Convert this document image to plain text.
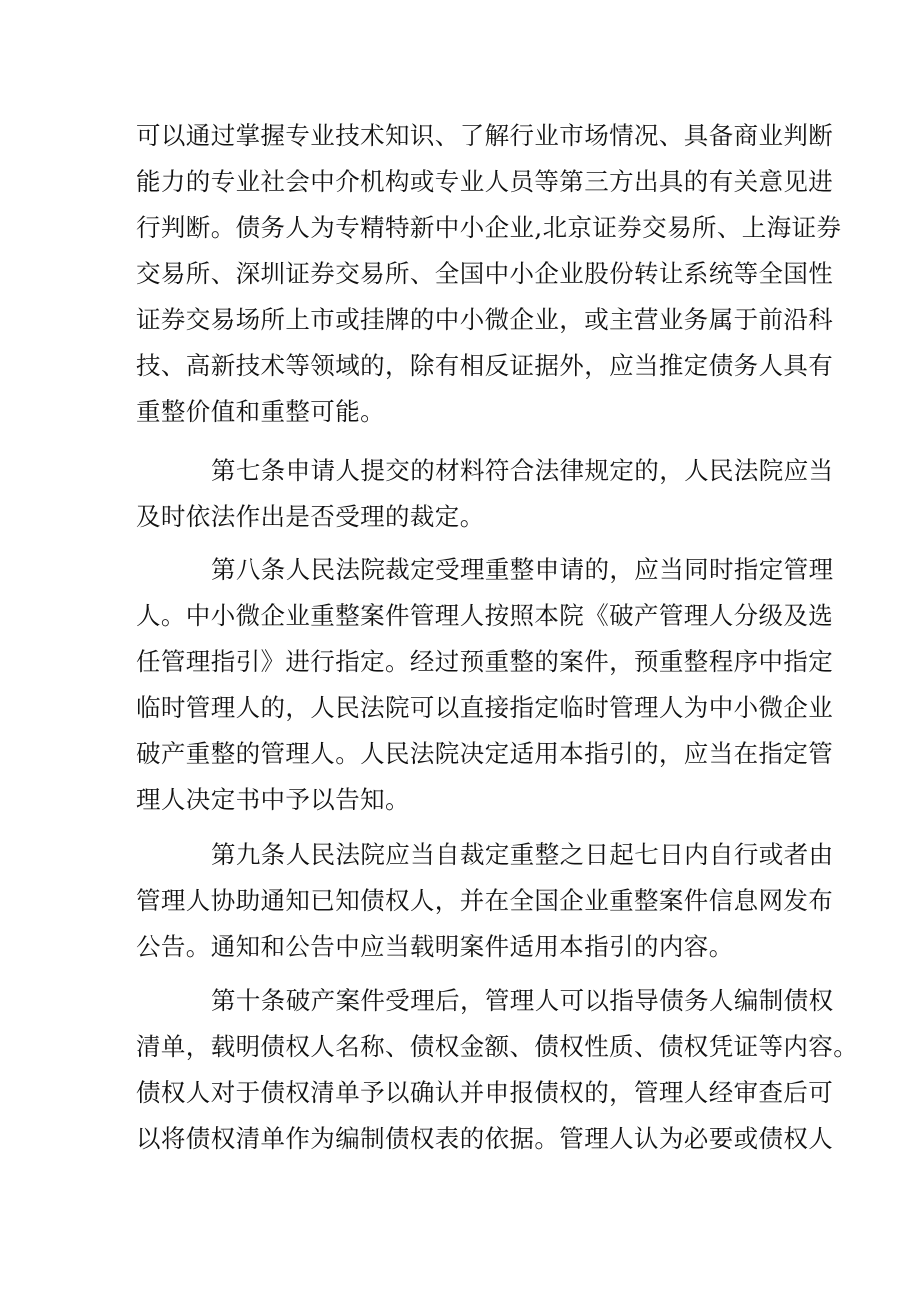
可以通过掌握专业技术知识、了解行业市场情况、具备商业判断
能力的专业社会中介机构或专业人员等第三方出具的有关意见进
行判断。债务人为专精特新中小企业,北京证券交易所、上海证券
交易所、深圳证券交易所、全国中小企业股份转让系统等全国性
证券交易场所上市或挂牌的中小微企业，或主营业务属于前沿科
技、高新技术等领域的，除有相反证据外，应当推定债务人具有
重整价值和重整可能。
第七条申请人提交的材料符合法律规定的，人民法院应当
及时依法作出是否受理的裁定。
第八条人民法院裁定受理重整申请的，应当同时指定管理
人。中小微企业重整案件管理人按照本院《破产管理人分级及选
任管理指引》进行指定。经过预重整的案件，预重整程序中指定
临时管理人的，人民法院可以直接指定临时管理人为中小微企业
破产重整的管理人。人民法院决定适用本指引的，应当在指定管
理人决定书中予以告知。
第九条人民法院应当自裁定重整之日起七日内自行或者由
管理人协助通知已知债权人，并在全国企业重整案件信息网发布
公告。通知和公告中应当载明案件适用本指引的内容。
第十条破产案件受理后，管理人可以指导债务人编制债权
清单，载明债权人名称、债权金额、债权性质、债权凭证等内容。
债权人对于债权清单予以确认并申报债权的，管理人经审查后可
以将债权清单作为编制债权表的依据。管理人认为必要或债权人
